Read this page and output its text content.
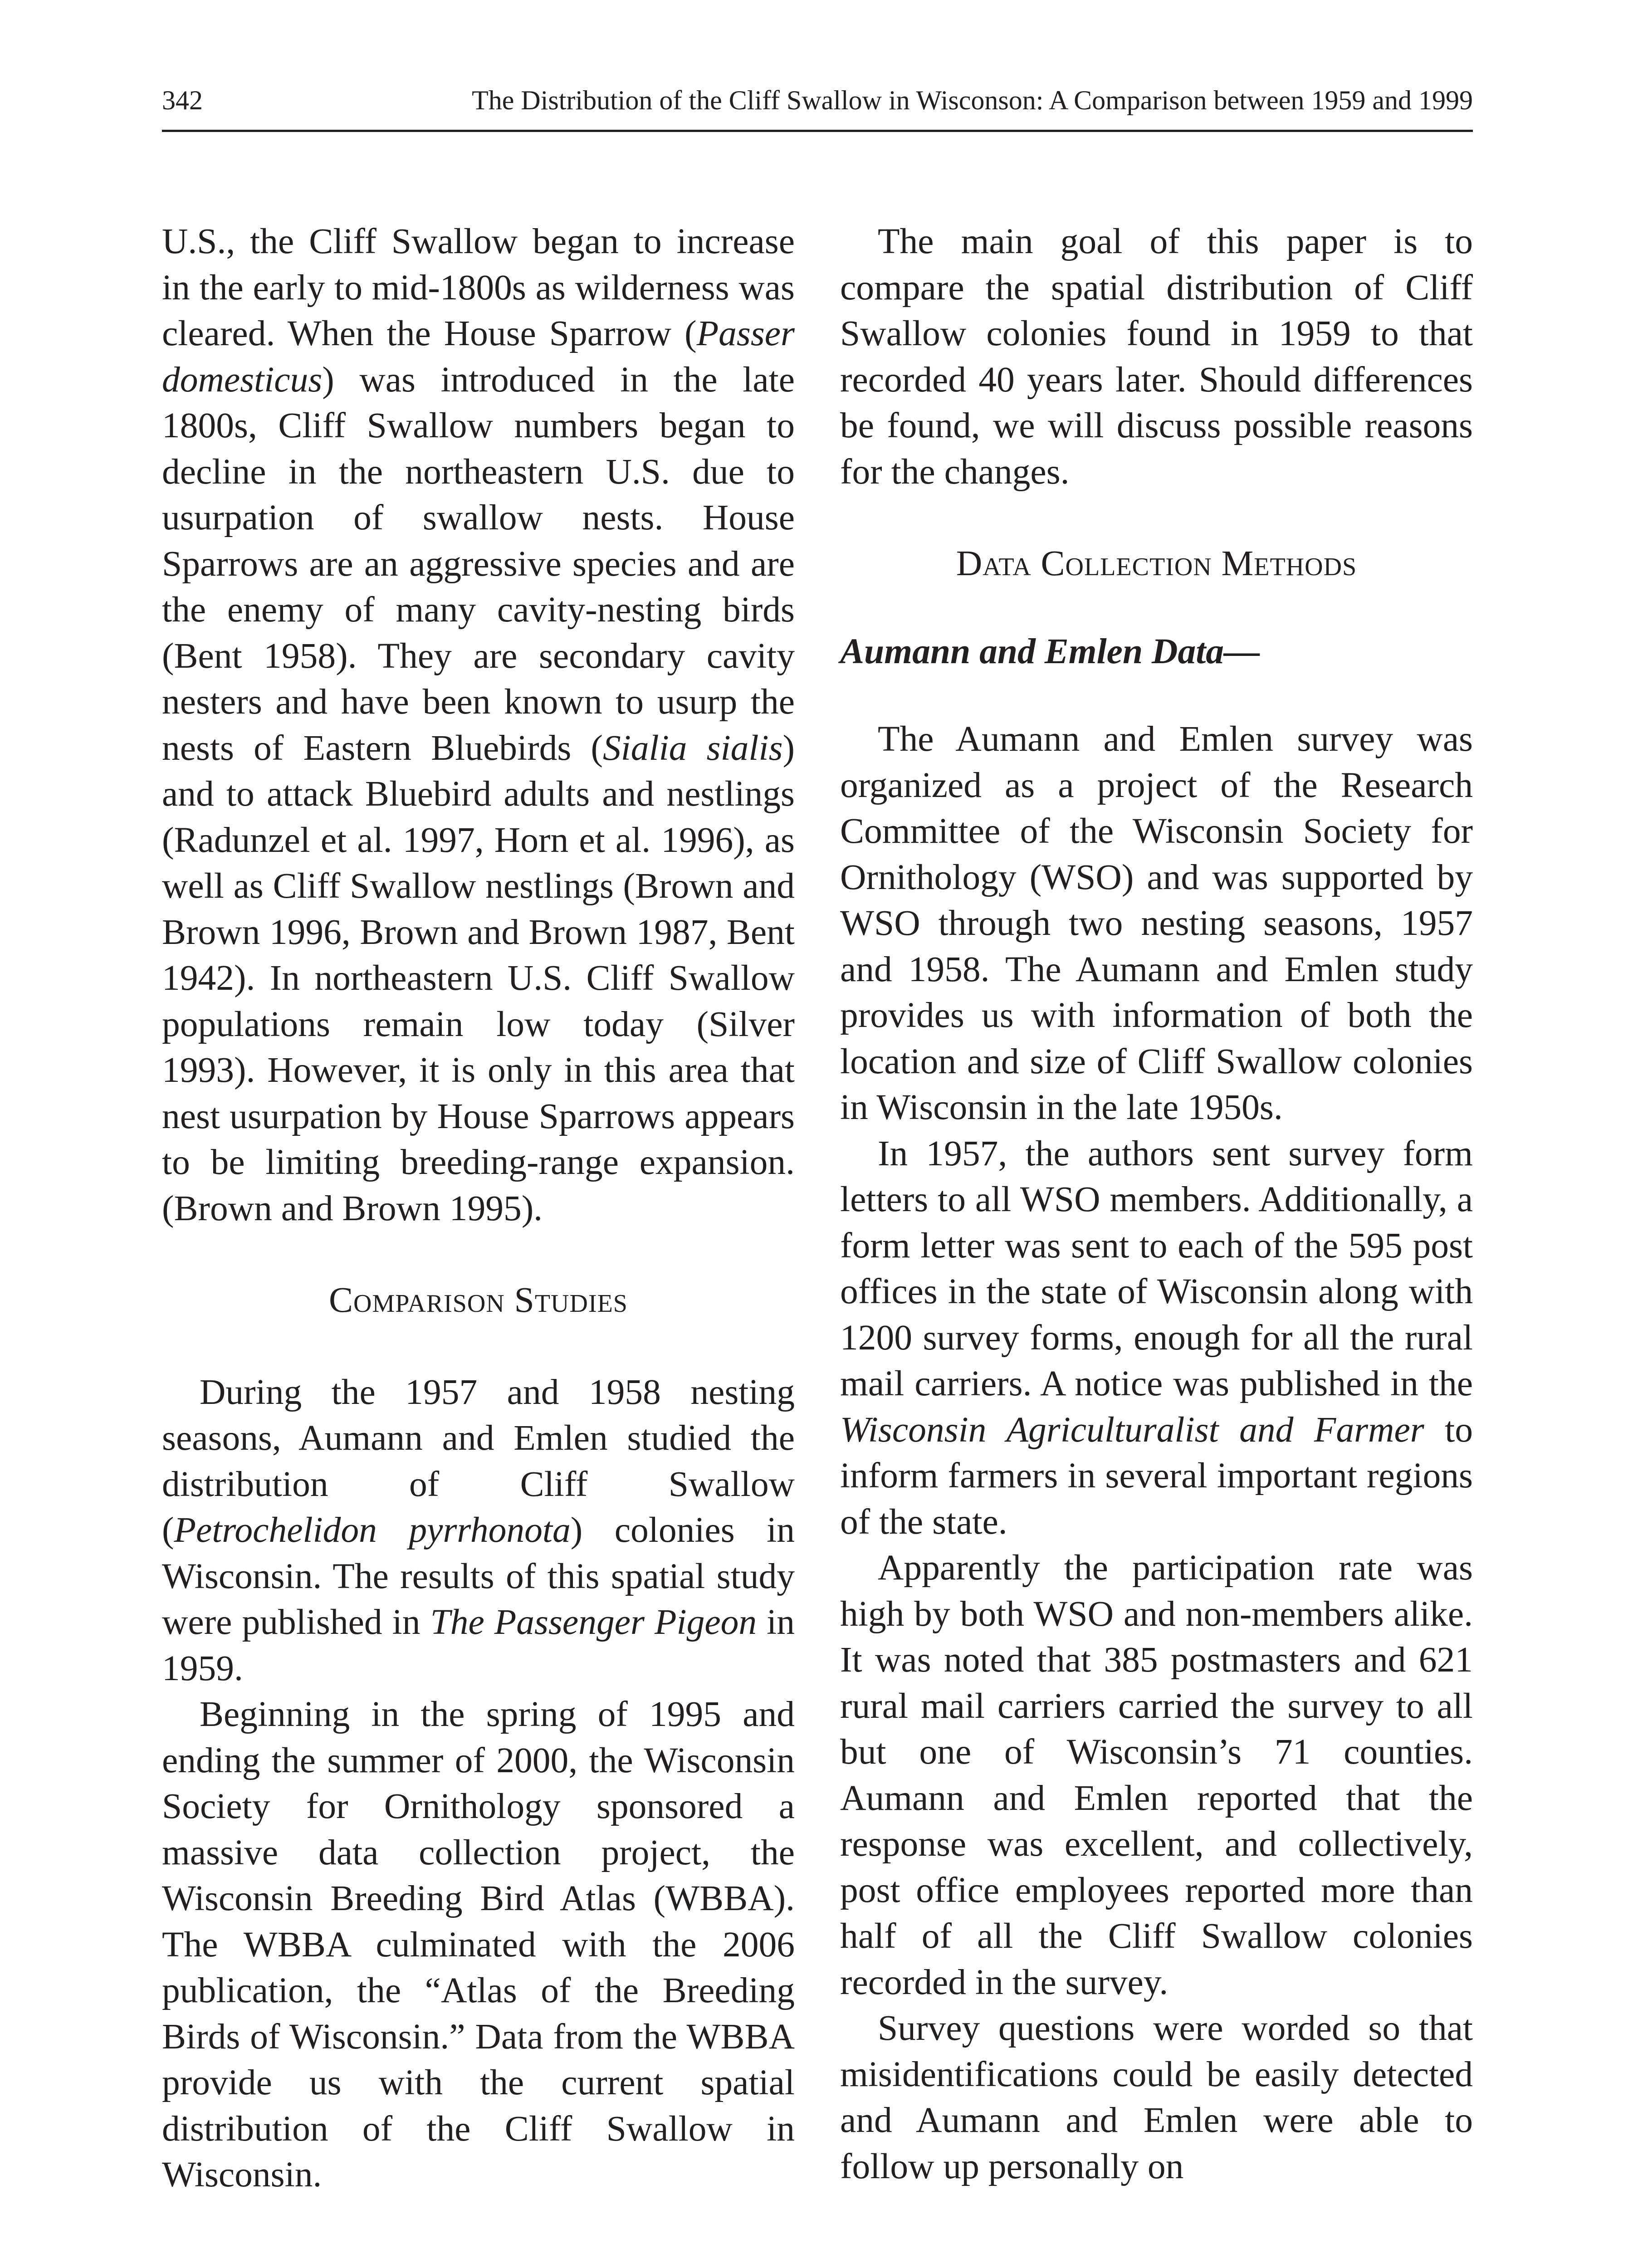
342	The Distribution of the Cliff Swallow in Wisconson: A Comparison between 1959 and 1999

U.S., the Cliff Swallow began to increase in the early to mid-1800s as wilderness was cleared. When the House Sparrow (Passer domesticus) was introduced in the late 1800s, Cliff Swallow numbers began to decline in the northeastern U.S. due to usurpation of swallow nests. House Sparrows are an aggressive species and are the enemy of many cavity-nesting birds (Bent 1958). They are secondary cavity nesters and have been known to usurp the nests of Eastern Bluebirds (Sialia sialis) and to attack Bluebird adults and nestlings (Radunzel et al. 1997, Horn et al. 1996), as well as Cliff Swallow nestlings (Brown and Brown 1996, Brown and Brown 1987, Bent 1942). In northeastern U.S. Cliff Swallow populations remain low today (Silver 1993). However, it is only in this area that nest usurpation by House Sparrows appears to be limiting breeding-range expansion. (Brown and Brown 1995).

Comparison Studies

During the 1957 and 1958 nesting seasons, Aumann and Emlen studied the distribution of Cliff Swallow (Petrochelidon pyrrhonota) colonies in Wisconsin. The results of this spatial study were published in The Passenger Pigeon in 1959.

Beginning in the spring of 1995 and ending the summer of 2000, the Wisconsin Society for Ornithology sponsored a massive data collection project, the Wisconsin Breeding Bird Atlas (WBBA). The WBBA culminated with the 2006 publication, the “Atlas of the Breeding Birds of Wisconsin.” Data from the WBBA provide us with the current spatial distribution of the Cliff Swallow in Wisconsin.

The main goal of this paper is to compare the spatial distribution of Cliff Swallow colonies found in 1959 to that recorded 40 years later. Should differences be found, we will discuss possible reasons for the changes.

Data Collection Methods

Aumann and Emlen Data—

The Aumann and Emlen survey was organized as a project of the Research Committee of the Wisconsin Society for Ornithology (WSO) and was supported by WSO through two nesting seasons, 1957 and 1958. The Aumann and Emlen study provides us with information of both the location and size of Cliff Swallow colonies in Wisconsin in the late 1950s.

In 1957, the authors sent survey form letters to all WSO members. Additionally, a form letter was sent to each of the 595 post offices in the state of Wisconsin along with 1200 survey forms, enough for all the rural mail carriers. A notice was published in the Wisconsin Agriculturalist and Farmer to inform farmers in several important regions of the state.

Apparently the participation rate was high by both WSO and non-members alike. It was noted that 385 postmasters and 621 rural mail carriers carried the survey to all but one of Wisconsin’s 71 counties. Aumann and Emlen reported that the response was excellent, and collectively, post office employees reported more than half of all the Cliff Swallow colonies recorded in the survey.

Survey questions were worded so that misidentifications could be easily detected and Aumann and Emlen were able to follow up personally on
